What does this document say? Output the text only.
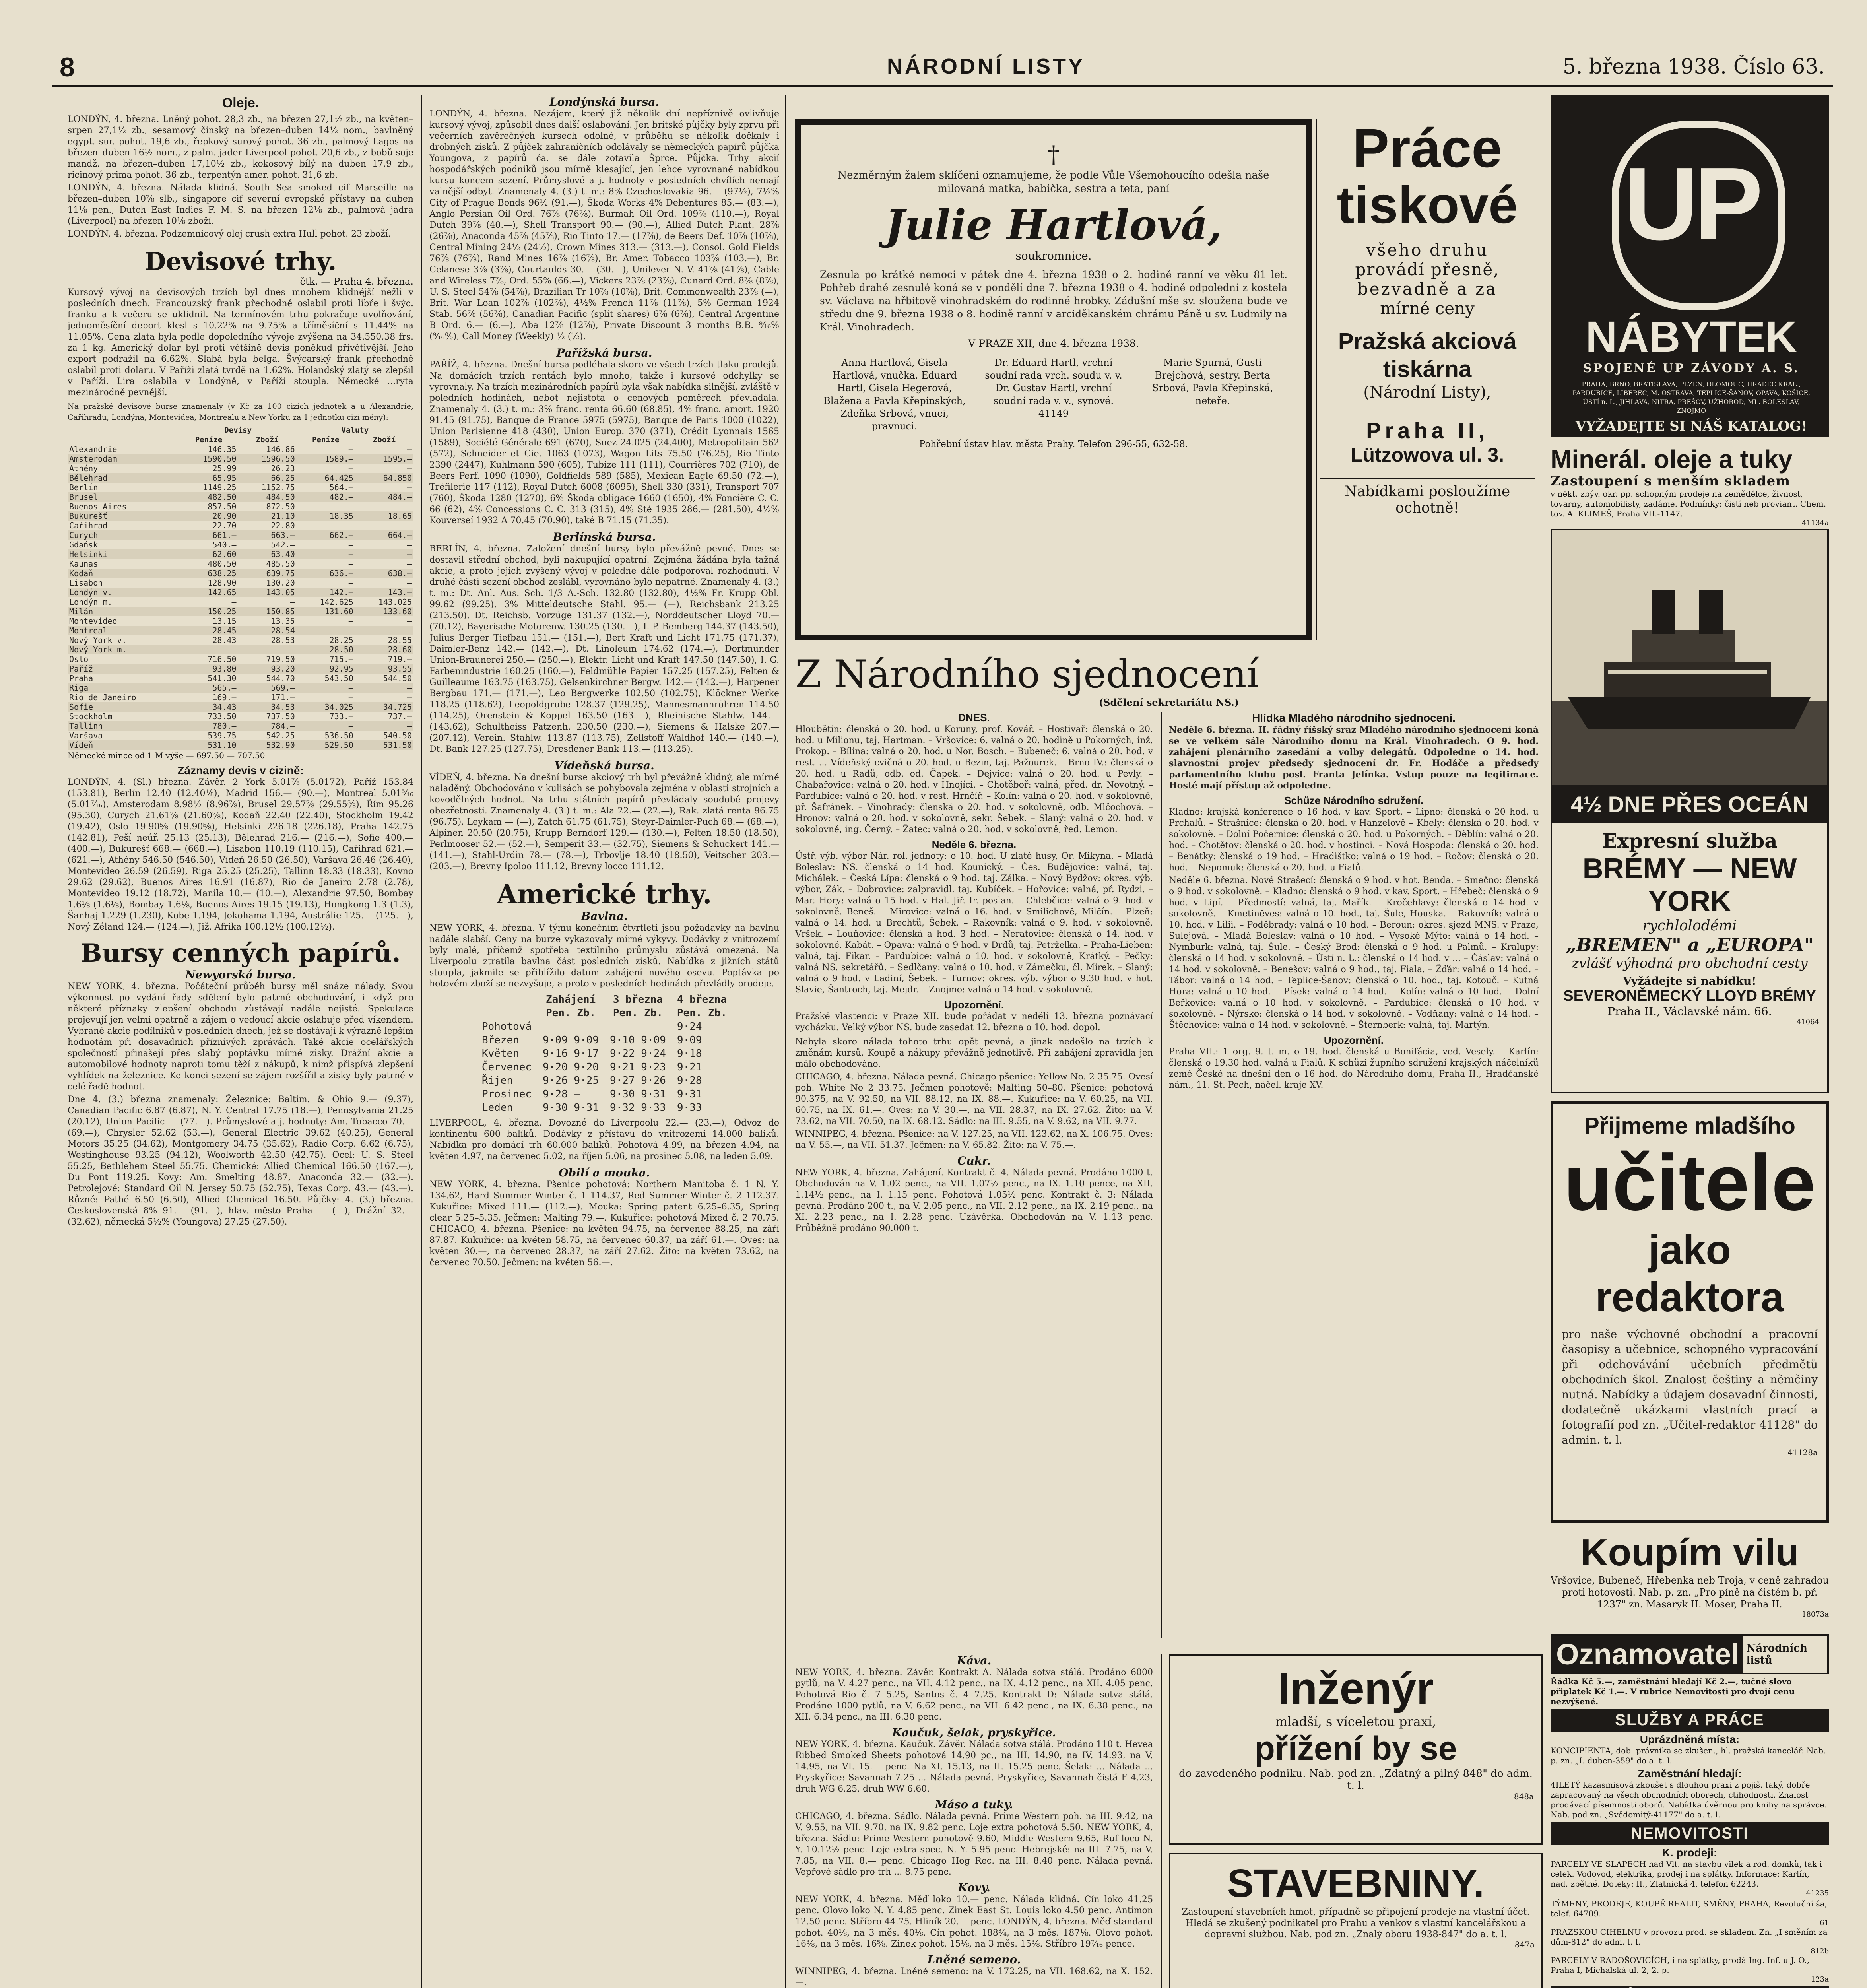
8	NÁRODNÍ LISTY	5. března 1938. Číslo 63.
Oleje.

LONDÝN, 4. března. Lněný pohot. 28,3 zb., na březen 27,1½ zb., na květen–srpen 27,1½ zb., sesamový činský na březen–duben 14½ nom., bavlněný egypt. sur. pohot. 19,6 zb., řepkový surový pohot. 36 zb., palmový Lagos na březen–duben 16½ nom., z palm. jader Liverpool pohot. 20,6 zb., z bobů soje mandž. na březen–duben 17,10½ zb., kokosový bílý na duben 17,9 zb., ricinový prima pohot. 36 zb., terpentýn amer. pohot. 31,6 zb.

LONDÝN, 4. března. Nálada klidná. South Sea smoked cif Marseille na březen–duben 10⅞ slb., singapore cif severní evropské přístavy na duben 11⅛ pen., Dutch East Indies F. M. S. na březen 12⅛ zb., palmová jádra (Liverpool) na březen 10⅛ zboží.

LONDÝN, 4. března. Podzemnicový olej crush extra Hull pohot. 23 zboží.

Devisové trhy.
čtk. — Praha 4. března.

Kursový vývoj na devisových trzích byl dnes mnohem klidnější nežli v posledních dnech. Francouzský frank přechodně oslabil proti libře i švýc. franku a k večeru se uklidnil. Na termínovém trhu pokračuje uvolňování, jednoměsíční deport klesl s 10.22% na 9.75% a tříměsíční s 11.44% na 11.05%. Cena zlata byla podle dopoledního vývoje zvýšena na 34.550,38 frs. za 1 kg. Americký dolar byl proti většině devis poněkud přívětivější. Jeho export podražil na 6.62%. Slabá byla belga. Švýcarský frank přechodně oslabil proti dolaru. V Paříži zlatá tvrdě na 1.62%. Holandský zlatý se zlepšil v Paříži. Lira oslabila v Londýně, v Paříži stoupla. Německé ...ryta mezinárodně pevnější.

Na pražské devisové burse znamenaly (v Kč za 100 cizích jednotek a u Alexandrie, Cařihradu, Londýna, Montevidea, Montrealu a New Yorku za 1 jednotku cizí měny):

	Devisy		Valuty	
	Peníze	Zboží	Peníze	Zboží
Alexandrie	146.35	146.86	—	—
Amsterodam	1590.50	1596.50	1589.—	1595.—
Athény	25.99	26.23	—	—
Bělehrad	65.95	66.25	64.425	64.850
Berlín	1149.25	1152.75	564.—	—
Brusel	482.50	484.50	482.—	484.—
Buenos Aires	857.50	872.50	—	—
Bukurešť	20.90	21.10	18.35	18.65
Cařihrad	22.70	22.80	—	—
Curych	661.—	663.—	662.—	664.—
Gdańsk	540.—	542.—	—	—
Helsinki	62.60	63.40	—	—
Kaunas	480.50	485.50	—	—
Kodaň	638.25	639.75	636.—	638.—
Lisabon	128.90	130.20	—	—
Londýn v.	142.65	143.05	142.—	143.—
Londýn m.	—	—	142.625	143.025
Milán	150.25	150.85	131.60	133.60
Montevideo	13.15	13.35	—	—
Montreal	28.45	28.54	—	—
Nový York v.	28.43	28.53	28.25	28.55
Nový York m.	—	—	28.50	28.60
Oslo	716.50	719.50	715.—	719.—
Paříž	93.80	93.20	92.95	93.55
Praha	541.30	544.70	543.50	544.50
Riga	565.—	569.—	—	—
Rio de Janeiro	169.—	171.—	—	—
Sofie	34.43	34.53	34.025	34.725
Stockholm	733.50	737.50	733.—	737.—
Tallinn	780.—	784.—	—	—
Varšava	539.75	542.25	536.50	540.50
Vídeň	531.10	532.90	529.50	531.50
Německé mince od 1 M výše — 697.50 — 707.50
Záznamy devis v cizině:

LONDÝN, 4. (Sl.) března. Závěr. 2 York 5.01⅞ (5.0172), Paříž 153.84 (153.81), Berlín 12.40 (12.40⅛), Madrid 156.— (90.—), Montreal 5.01⁵⁄₁₆ (5.01⁷⁄₁₆), Amsterodam 8.98½ (8.96⅞), Brusel 29.57⅞ (29.55⅝), Řím 95.26 (95.30), Curych 21.61⅞ (21.60⅞), Kodaň 22.40 (22.40), Stockholm 19.42 (19.42), Oslo 19.90⅝ (19.90⅝), Helsinki 226.18 (226.18), Praha 142.75 (142.81), Peší neúř. 25.13 (25.13), Bělehrad 216.— (216.—), Sofie 400.— (400.—), Bukurešť 668.— (668.—), Lisabon 110.19 (110.15), Cařihrad 621.— (621.—), Athény 546.50 (546.50), Vídeň 26.50 (26.50), Varšava 26.46 (26.40), Montevideo 26.59 (26.59), Riga 25.25 (25.25), Tallinn 18.33 (18.33), Kovno 29.62 (29.62), Buenos Aires 16.91 (16.87), Rio de Janeiro 2.78 (2.78), Montevideo 19.12 (18.72), Manila 10.— (10.—), Alexandrie 97.50, Bombay 1.6⅛ (1.6⅛), Bombay 1.6⅛, Buenos Aires 19.15 (19.13), Hongkong 1.3 (1.3), Šanhaj 1.229 (1.230), Kobe 1.194, Jokohama 1.194, Austrálie 125.— (125.—), Nový Zéland 124.— (124.—), Již. Afrika 100.12½ (100.12½).

Bursy cenných papírů.
Newyorská bursa.

NEW YORK, 4. března. Počáteční průběh bursy měl snáze nálady. Svou výkonnost po vydání řady sdělení bylo patrné obchodování, i když pro některé příznaky zlepšení obchodu zůstávají nadále nejisté. Spekulace projevují jen velmi opatrně a zájem o vedoucí akcie oslabuje před víkendem. Vybrané akcie podílníků v posledních dnech, jež se dostávají k výrazně lepším hodnotám při dosavadních příznivých zprávách. Také akcie ocelářských společností přinášejí přes slabý poptávku mírně zisky. Drážní akcie a automobilové hodnoty naproti tomu těží z nákupů, k nimž přispívá zlepšení vyhlídek na železnice. Ke konci sezení se zájem rozšířil a zisky byly patrné v celé řadě hodnot.

Dne 4. (3.) března znamenaly: Železnice: Baltim. & Ohio 9.— (9.37), Canadian Pacific 6.87 (6.87), N. Y. Central 17.75 (18.—), Pennsylvania 21.25 (20.12), Union Pacific — (77.—). Průmyslové a j. hodnoty: Am. Tobacco 70.— (69.—), Chrysler 52.62 (53.—), General Electric 39.62 (40.25), General Motors 35.25 (34.62), Montgomery 34.75 (35.62), Radio Corp. 6.62 (6.75), Westinghouse 93.25 (94.12), Woolworth 42.50 (42.75). Ocel: U. S. Steel 55.25, Bethlehem Steel 55.75. Chemické: Allied Chemical 166.50 (167.—), Du Pont 119.25. Kovy: Am. Smelting 48.87, Anaconda 32.— (32.—). Petrolejové: Standard Oil N. Jersey 50.75 (52.75), Texas Corp. 43.— (43.—). Různé: Pathé 6.50 (6.50), Allied Chemical 16.50. Půjčky: 4. (3.) března. Československá 8% 91.— (91.—), hlav. město Praha — (—), Drážní 32.— (32.62), německá 5½% (Youngova) 27.25 (27.50).

Londýnská bursa.

LONDÝN, 4. března. Nezájem, který již několik dní nepříznivě ovlivňuje kursový vývoj, způsobil dnes další oslabování. Jen britské půjčky byly zprvu při večerních závěrečných kursech odolné, v průběhu se několik dočkaly i drobných zisků. Z půjček zahraničních odolávaly se německých papírů půjčka Youngova, z papírů ča. se dále zotavila Šprce. Půjčka. Trhy akcií hospodářských podniků jsou mírně klesající, jen lehce vyrovnané nabídkou kursu koncem sezení. Průmyslové a j. hodnoty v posledních chvílích nemají valnější odbyt. Znamenaly 4. (3.) t. m.: 8% Czechoslovakia 96.— (97½), 7½% City of Prague Bonds 96½ (91.—), Škoda Works 4% Debentures 85.— (83.—), Anglo Persian Oil Ord. 76⅞ (76⅞), Burmah Oil Ord. 109⅞ (110.—), Royal Dutch 39⅞ (40.—), Shell Transport 90.— (90.—), Allied Dutch Plant. 28⅞ (26⅞), Anaconda 45⅞ (45⅞), Rio Tinto 17.— (17⅞), de Beers Def. 10⅞ (10⅞), Central Mining 24½ (24½), Crown Mines 313.— (313.—), Consol. Gold Fields 76⅞ (76⅞), Rand Mines 16⅞ (16⅞), Br. Amer. Tobacco 103⅞ (103.—), Br. Celanese 3⅞ (3⅞), Courtaulds 30.— (30.—), Unilever N. V. 41⅞ (41⅞), Cable and Wireless 7⅞, Ord. 55% (66.—), Vickers 23⅞ (23⅞), Cunard Ord. 8⅞ (8⅞), U. S. Steel 54⅞ (54⅞), Brazilian Tr 10⅞ (10⅞), Brit. Commonwealth 23⅞ (—), Brit. War Loan 102⅞ (102⅞), 4½% French 11⅞ (11⅞), 5% German 1924 Stab. 56⅞ (56⅞), Canadian Pacific (split shares) 6⅞ (6⅞), Central Argentine B Ord. 6.— (6.—), Aba 12⅞ (12⅞), Private Discount 3 months B.B. ⁹⁄₁₆% (⁹⁄₁₆%), Call Money (Weekly) ½ (½).

Pařížská bursa.

PAŘÍŽ, 4. března. Dnešní bursa podléhala skoro ve všech trzích tlaku prodejů. Na domácích trzích rentách bylo mnoho, takže i kursové odchylky se vyrovnaly. Na trzích mezinárodních papírů byla však nabídka silnější, zvláště v poledních hodinách, nebot nejistota o cenových poměrech převládala. Znamenaly 4. (3.) t. m.: 3% franc. renta 66.60 (68.85), 4% franc. amort. 1920 91.45 (91.75), Banque de France 5975 (5975), Banque de Paris 1000 (1022), Union Parisienne 418 (430), Union Europ. 370 (371), Crédit Lyonnais 1565 (1589), Société Générale 691 (670), Suez 24.025 (24.400), Metropolitain 562 (572), Schneider et Cie. 1063 (1073), Wagon Lits 75.50 (76.25), Rio Tinto 2390 (2447), Kuhlmann 590 (605), Tubize 111 (111), Courrières 702 (710), de Beers Perf. 1090 (1090), Goldfields 589 (585), Mexican Eagle 69.50 (72.—), Tréfilerie 117 (112), Royal Dutch 6008 (6095), Shell 330 (331), Transport 707 (760), Škoda 1280 (1270), 6% Škoda obligace 1660 (1650), 4% Foncière C. C. 66 (62), 4% Concessions C. C. 313 (315), 4% Sté 1935 286.— (281.50), 4½% Kouverseí 1932 A 70.45 (70.90), také B 71.15 (71.35).

Berlínská bursa.

BERLÍN, 4. března. Založení dnešní bursy bylo převážně pevné. Dnes se dostavil střední obchod, byli nakupující opatrní. Zejména žádána byla tažná akcie, a proto jejich zvýšený vývoj v poledne dále podporoval rozhodnutí. V druhé části sezení obchod zeslábl, vyrovnáno bylo nepatrné. Znamenaly 4. (3.) t. m.: Dt. Anl. Aus. Sch. 1/3 A.-Sch. 132.80 (132.80), 4½% Fr. Krupp Obl. 99.62 (99.25), 3% Mitteldeutsche Stahl. 95.— (—), Reichsbank 213.25 (213.50), Dt. Reichsb. Vorzüge 131.37 (132.—), Norddeutscher Lloyd 70.— (70.12), Bayerische Motorenw. 130.25 (130.—), I. P. Bemberg 144.37 (143.50), Julius Berger Tiefbau 151.— (151.—), Bert Kraft und Licht 171.75 (171.37), Daimler-Benz 142.— (142.—), Dt. Linoleum 174.62 (174.—), Dortmunder Union-Braunerei 250.— (250.—), Elektr. Licht und Kraft 147.50 (147.50), I. G. Farbenindustrie 160.25 (160.—), Feldmühle Papier 157.25 (157.25), Felten & Guilleaume 163.75 (163.75), Gelsenkirchner Bergw. 142.— (142.—), Harpener Bergbau 171.— (171.—), Leo Bergwerke 102.50 (102.75), Klöckner Werke 118.25 (118.62), Leopoldgrube 128.37 (129.25), Mannesmannröhren 114.50 (114.25), Orenstein & Koppel 163.50 (163.—), Rheinische Stahlw. 144.— (143.62), Schultheiss Patzenh. 230.50 (230.—), Siemens & Halske 207.— (207.12), Verein. Stahlw. 113.87 (113.75), Zellstoff Waldhof 140.— (140.—), Dt. Bank 127.25 (127.75), Dresdener Bank 113.— (113.25).

Vídeňská bursa.

VÍDEŇ, 4. března. Na dnešní burse akciový trh byl převážně klidný, ale mírně naladěný. Obchodováno v kulisách se pohybovala zejména v oblasti strojních a kovodělných hodnot. Na trhu státních papírů převládaly soudobé projevy obezřetnosti. Znamenaly 4. (3.) t. m.: Ala 22.— (22.—), Rak. zlatá renta 96.75 (96.75), Leykam — (—), Zatch 61.75 (61.75), Steyr-Daimler-Puch 68.— (68.—), Alpinen 20.50 (20.75), Krupp Berndorf 129.— (130.—), Felten 18.50 (18.50), Perlmooser 52.— (52.—), Semperit 33.— (32.75), Siemens & Schuckert 141.— (141.—), Stahl-Urdin 78.— (78.—), Trbovlje 18.40 (18.50), Veitscher 203.— (203.—), Brevny Ipoloo 111.12, Brevny locco 111.12.

Americké trhy.
Bavlna.

NEW YORK, 4. března. V týmu konečním čtvrtletí jsou požadavky na bavlnu nadále slabší. Ceny na burze vykazovaly mírné výkyvy. Dodávky z vnitrozemí byly malé, přičemž spotřeba textilního průmyslu zůstává omezená. Na Liverpoolu ztratila bavlna část posledních zisků. Nabídka z jižních států stoupla, jakmile se přiblížilo datum zahájení nového osevu. Poptávka po hotovém zboží se nezvyšuje, a proto v posledních hodinách převládly prodeje.

	Zahájení	3 března	4 března
	Pen. Zb.	Pen. Zb.	Pen. Zb.
Pohotová	—	—	9·24
Březen	9·09 9·09	9·10 9·09	9·09
Květen	9·16 9·17	9·22 9·24	9·18
Červenec	9·20 9·20	9·21 9·23	9·21
Říjen	9·26 9·25	9·27 9·26	9·28
Prosinec	9·28 —	9·30 9·31	9·31
Leden	9·30 9·31	9·32 9·33	9·33

LIVERPOOL, 4. března. Dovozné do Liverpoolu 22.— (23.—), Odvoz do kontinentu 600 balíků. Dodávky z přístavu do vnitrozemí 14.000 balíků. Nabídka pro domácí trh 60.000 balíků. Pohotová 4.99, na březen 4.94, na květen 4.97, na červenec 5.02, na říjen 5.06, na prosinec 5.08, na leden 5.09.

Obilí a mouka.

NEW YORK, 4. března. Pšenice pohotová: Northern Manitoba č. 1 N. Y. 134.62, Hard Summer Winter č. 1 114.37, Red Summer Winter č. 2 112.37. Kukuřice: Mixed 111.— (112.—). Mouka: Spring patent 6.25–6.35, Spring clear 5.25–5.35. Ječmen: Malting 79.—. Kukuřice: pohotová Mixed č. 2 70.75. CHICAGO, 4. března. Pšenice: na květen 94.75, na červenec 88.25, na září 87.87. Kukuřice: na květen 58.75, na červenec 60.37, na září 61.—. Oves: na květen 30.—, na červenec 28.37, na září 27.62. Žito: na květen 73.62, na červenec 70.50. Ječmen: na květen 56.—.

†

Nezměrným žalem sklíčeni oznamujeme, že podle Vůle Všemohoucího odešla naše milovaná matka, babička, sestra a teta, paní

Julie Hartlová,
soukromnice.

Zesnula po krátké nemoci v pátek dne 4. března 1938 o 2. hodině ranní ve věku 81 let. Pohřeb drahé zesnulé koná se v pondělí dne 7. března 1938 o 4. hodině odpolední z kostela sv. Václava na hřbitově vinohradském do rodinné hrobky. Zádušní mše sv. sloužena bude ve středu dne 9. března 1938 o 8. hodině ranní v arciděkanském chrámu Páně u sv. Ludmily na Král. Vinohradech.

V PRAZE XII, dne 4. března 1938.
Anna Hartlová, Gisela Hartlová, vnučka. Eduard Hartl, Gisela Hegerová, Blažena a Pavla Křepinských, Zdeňka Srbová, vnuci, pravnuci.
Dr. Eduard Hartl, vrchní soudní rada vrch. soudu v. v. Dr. Gustav Hartl, vrchní soudní rada v. v., synové. 41149
Marie Spurná, Gusti Brejchová, sestry. Berta Srbová, Pavla Křepinská, neteře.
Pohřební ústav hlav. města Prahy. Telefon 296-55, 632-58.
Z Národního sjednocení
(Sdělení sekretariátu NS.)
DNES.

Hloubětín: členská o 20. hod. u Koruny, prof. Kovář. – Hostivař: členská o 20. hod. u Milionu, taj. Hartman. – Vršovice: 6. valná o 20. hodině u Pokorných, inž. Prokop. – Bílina: valná o 20. hod. u Nor. Bosch. – Bubeneč: 6. valná o 20. hod. v rest. ... Vídeňský cvičná o 20. hod. u Bezin, taj. Pažourek. – Brno IV.: členská o 20. hod. u Radů, odb. od. Čapek. – Dejvice: valná o 20. hod. u Pevly. – Chabařovice: valná o 20. hod. v Hnojíci. – Chotěboř: valná, před. dr. Novotný. – Pardubice: valná o 20. hod. v rest. Hrnčíř. – Kolín: valná o 20. hod. v sokolovně, př. Šafránek. – Vinohrady: členská o 20. hod. v sokolovně, odb. Mlčochová. – Hronov: valná o 20. hod. v sokolovně, sekr. Šebek. – Slaný: valná o 20. hod. v sokolovně, ing. Černý. – Žatec: valná o 20. hod. v sokolovně, řed. Lemon.

Neděle 6. března.

Ústř. výb. výbor Nár. rol. jednoty: o 10. hod. U zlaté husy, Or. Mikyna. – Mladá Boleslav: NS. členská o 14 hod. Kounický. – Čes. Budějovice: valná, taj. Michálek. – Česká Lípa: členská o 9 hod. taj. Zálka. – Nový Bydžov: okres. výb. výbor, Zák. – Dobrovice: zalpravidl. taj. Kubíček. – Hořovice: valná, př. Rydzi. – Mar. Hory: valná o 15 hod. v Hal. Jiř. Ir. poslan. – Chlebčice: valná o 9. hod. v sokolovně. Beneš. – Mirovice: valná o 16. hod. v Smilichově, Milčín. – Plzeň: valná o 14. hod. u Brechtů, Šebek. – Rakovník: valná o 9. hod. v sokolovně, Vršek. – Louňovice: členská a hod. 3 hod. – Neratovice: členská o 14. hod. v sokolovně. Kabát. – Opava: valná o 9 hod. v Drdů, taj. Petrželka. – Praha-Lieben: valná, taj. Fikar. – Pardubice: valná o 10. hod. v sokolovně, Krátký. – Pečky: valná NS. sekretářů. – Sedlčany: valná o 10. hod. v Zámečku, čl. Mirek. – Slaný: valná o 9 hod. v Ladiní, Šebek. – Turnov: okres. výb. výbor o 9.30 hod. v hot. Slavie, Šantroch, taj. Mejdr. – Znojmo: valná o 14 hod. v sokolovně.

Upozornění.

Pražské vlastenci: v Praze XII. bude pořádat v neděli 13. března poznávací vycházku. Velký výbor NS. bude zasedat 12. března o 10. hod. dopol.

Nebyla skoro nálada tohoto trhu opět pevná, a jinak nedošlo na trzích k změnám kursů. Koupě a nákupy převážně jednotlivě. Při zahájení zpravidla jen málo obchodováno.

CHICAGO, 4. března. Nálada pevná. Chicago pšenice: Yellow No. 2 35.75. Ovesí poh. White No 2 33.75. Ječmen pohotově: Malting 50–80. Pšenice: pohotová 90.375, na V. 92.50, na VII. 88.12, na IX. 88.—. Kukuřice: na V. 60.25, na VII. 60.75, na IX. 61.—. Oves: na V. 30.—, na VII. 28.37, na IX. 27.62. Žito: na V. 73.62, na VII. 70.50, na IX. 68.12. Sádlo: na III. 9.55, na V. 9.62, na VII. 9.77.

WINNIPEG, 4. března. Pšenice: na V. 127.25, na VII. 123.62, na X. 106.75. Oves: na V. 55.—, na VII. 51.37. Ječmen: na V. 65.82. Žito: na V. 75.—.

Cukr.

NEW YORK, 4. března. Zahájení. Kontrakt č. 4. Nálada pevná. Prodáno 1000 t. Obchodován na V. 1.02 penc., na VII. 1.07½ penc., na IX. 1.10 pence, na XII. 1.14½ penc., na I. 1.15 penc. Pohotová 1.05½ penc. Kontrakt č. 3: Nálada pevná. Prodáno 200 t., na V. 2.05 penc., na VII. 2.12 penc., na IX. 2.19 penc., na XI. 2.23 penc., na I. 2.28 penc. Uzávěrka. Obchodován na V. 1.13 penc. Průběžně prodáno 90.000 t.

Hlídka Mladého národního sjednocení.

Neděle 6. března. II. řádný říšský sraz Mladého národního sjednocení koná se ve velkém sále Národního domu na Král. Vinohradech. O 9. hod. zahájení plenárního zasedání a volby delegátů. Odpoledne o 14. hod. slavnostní projev předsedy sjednocení dr. Fr. Hodáče a předsedy parlamentního klubu posl. Franta Jelínka. Vstup pouze na legitimace. Hosté mají přístup až odpoledne.

Schůze Národního sdružení.

Kladno: krajská konference o 16 hod. v kav. Sport. – Lipno: členská o 20 hod. u Prchalů. – Strašnice: členská o 20. hod. v Hanzelově – Kbely: členská o 20. hod. v sokolovně. – Dolní Počernice: členská o 20. hod. u Pokorných. – Děblín: valná o 20. hod. – Chotětov: členská o 20. hod. v hostinci. – Nová Hospoda: členská o 20. hod. – Benátky: členská o 19 hod. – Hradištko: valná o 19 hod. – Ročov: členská o 20. hod. – Nepomuk: členská o 20. hod. u Fialů.

Neděle 6. března. Nové Strašecí: členská o 9 hod. v hot. Benda. – Smečno: členská o 9 hod. v sokolovně. – Kladno: členská o 9 hod. v kav. Sport. – Hřebeč: členská o 9 hod. v Lipí. – Předmostí: valná, taj. Mařík. – Kročehlavy: členská o 14 hod. v sokolovně. – Kmetiněves: valná o 10. hod., taj. Šule, Houska. – Rakovník: valná o 10. hod. v Lilii. – Poděbrady: valná o 10 hod. – Beroun: okres. sjezd MNS. v Praze, Sulejová. – Mladá Boleslav: valná o 10 hod. – Vysoké Mýto: valná o 14 hod. – Nymburk: valná, taj. Šule. – Český Brod: členská o 9 hod. u Palmů. – Kralupy: členská o 14 hod. v sokolovně. – Ústí n. L.: členská o 14 hod. v ... – Čáslav: valná o 14 hod. v sokolovně. – Benešov: valná o 9 hod., taj. Fiala. – Žďár: valná o 14 hod. – Tábor: valná o 14 hod. – Teplice-Šanov: členská o 10. hod., taj. Kotouč. – Kutná Hora: valná o 10 hod. – Písek: valná o 14 hod. – Kolín: valná o 10 hod. – Dolní Beřkovice: valná o 10 hod. v sokolovně. – Pardubice: členská o 10 hod. v sokolovně. – Nýrsko: členská o 14 hod. v sokolovně. – Vodňany: valná o 14 hod. – Štěchovice: valná o 14 hod. v sokolovně. – Šternberk: valná, taj. Martýn.

Upozornění.

Praha VII.: 1 org. 9. t. m. o 19. hod. členská u Bonifácia, ved. Vesely. – Karlín: členská o 19.30 hod. valná u Fialů. K schůzi župního sdružení krajských náčelníků země České na dnešní den o 16 hod. do Národního domu, Praha II., Hradčanské nám., 11. St. Pech, náčel. kraje XV.

Káva.

NEW YORK, 4. března. Závěr. Kontrakt A. Nálada sotva stálá. Prodáno 6000 pytlů, na V. 4.27 penc., na VII. 4.12 penc., na IX. 4.12 penc., na XII. 4.05 penc. Pohotová Rio č. 7 5.25, Santos č. 4 7.25. Kontrakt D: Nálada sotva stálá. Prodáno 1000 pytlů, na V. 6.62 penc., na VII. 6.42 penc., na IX. 6.38 penc., na XII. 6.34 penc., na III. 6.30 penc.

Kaučuk, šelak, pryskyřice.

NEW YORK, 4. března. Kaučuk. Závěr. Nálada sotva stálá. Prodáno 110 t. Hevea Ribbed Smoked Sheets pohotová 14.90 pc., na III. 14.90, na IV. 14.93, na V. 14.95, na VI. 15.— penc. Na XI. 15.13, na II. 15.25 penc. Šelak: ... Nálada ... Pryskyřice: Savannah 7.25 ... Nálada pevná. Pryskyřice, Savannah čistá F 4.23, druh WG 6.25, druh WW 6.60.

Máso a tuky.

CHICAGO, 4. března. Sádlo. Nálada pevná. Prime Western poh. na III. 9.42, na V. 9.55, na VII. 9.70, na IX. 9.82 penc. Loje extra pohotová 5.50. NEW YORK, 4. března. Sádlo: Prime Western pohotově 9.60, Middle Western 9.65, Ruf loco N. Y. 10.12½ penc. Loje extra spec. N. Y. 5.95 penc. Hebrejské: na III. 7.75, na V. 7.85, na VII. 8.— penc. Chicago Hog Rec. na III. 8.40 penc. Nálada pevná. Vepřové sádlo pro trh ... 8.75 penc.

Kovy.

NEW YORK, 4. března. Měď loko 10.— penc. Nálada klidná. Cín loko 41.25 penc. Olovo loko N. Y. 4.85 penc. Zinek East St. Louis loko 4.50 penc. Antimon 12.50 penc. Stříbro 44.75. Hliník 20.— penc. LONDÝN, 4. března. Měď standard pohot. 40⅛, na 3 měs. 40⅛. Cín pohot. 188¾, na 3 měs. 187⅛. Olovo pohot. 16⅜, na 3 měs. 16⅝. Zinek pohot. 15⅛, na 3 měs. 15⅜. Stříbro 19⁷⁄₁₆ pence.

Lněné semeno.

WINNIPEG, 4. března. Lněné semeno: na V. 172.25, na VII. 168.62, na X. 152.—.

Inženýr
mladší, s víceletou praxí,
přížení by se
do zavedeného podniku. Nab. pod zn. „Zdatný a pilný-848" do adm. t. l.
848a
STAVEBNINY.

Zastoupení stavebních hmot, případně se připojení prodeje na vlastní účet. Hledá se zkušený podnikatel pro Prahu a venkov s vlastní kancelářskou a dopravní službou. Nab. pod zn. „Znalý oboru 1938-847" do a. t. l.

847a

Práce
tiskové
všeho druhu
provádí přesně,
bezvadně a za
mírné ceny
Pražská akciová tiskárna
(Národní Listy),
Praha II,
Lützowova ul. 3.
Nabídkami posloužíme ochotně!
UP
NÁBYTEK
SPOJENÉ UP ZÁVODY A. S.
PRAHA, BRNO, BRATISLAVA, PLZEŇ, OLOMOUC, HRADEC KRÁL., PARDUBICE, LIBEREC, M. OSTRAVA, TEPLICE-ŠANOV, OPAVA, KOŠICE, ÚSTÍ n. L., JIHLAVA, NITRA, PREŠOV, UŽHOROD, ML. BOLESLAV, ZNOJMO
VYŽADEJTE SI NÁŠ KATALOG!
Minerál. oleje a tuky
Zastoupení s menším skladem
v někt. zbýv. okr. pp. schopným prodeje na zemědělce, živnost, tovarny, automobilisty, zadáme. Podmínky: čistí neb proviant. Chem. tov. A. KLIMEŠ, Praha VII.-1147.
41134a
4½ DNE PŘES OCEÁN
Expresní služba
BRÉMY — NEW YORK
rychlolodémi
„BREMEN" a „EUROPA"
zvlášť výhodná pro obchodní cesty
Vyžádejte si nabídku!
SEVERONĚMECKÝ LLOYD BRÉMY
Praha II., Václavské nám. 66.
41064
Přijmeme mladšího
učitele
jako redaktora

pro naše výchovné obchodní a pracovní časopisy a učebnice, schopného vypracování při odchovávání učebních předmětů obchodních škol. Znalost češtiny a němčiny nutná. Nabídky a údajem dosavadní činnosti, dodatečně ukázkami vlastních prací a fotografií pod zn. „Učitel-redaktor 41128" do admin. t. l.

41128a
Koupím vilu
Vršovice, Bubeneč, Hřebenka neb Troja, v ceně zahradou proti hotovosti. Nab. p. zn. „Pro píně na čistém b. př. 1237" zn. Masaryk II. Moser, Praha II.
18073a
Oznamovatel Národních listů
Řádka Kč 5.—, zaměstnání hledají Kč 2.—, tučné slovo připlatek Kč 1.—. V rubrice Nemovitosti pro dvojí cenu nezvýšené.
SLUŽBY A PRÁCE
Uprázdněná místa:
KONCIPIENTA, dob. právníka se zkušen., hl. pražská kancelář. Nab. p. zn. „I. duben-359" do a. t. l.
Zaměstnání hledají:
4ILETÝ kazasmisová zkoušet s dlouhou praxi z pojiš. taký, dobře zapracovaný na všech obchodních oborech, ctihodnosti. Znalost prodávací písemnosti oborů. Nabídka úvěrnou pro knihy na správce. Nab. pod zn. „Svědomitý-41177" do a. t. l.
NEMOVITOSTI
K. prodeji:
PARCELY VE SLAPECH nad Vlt. na stavbu vilek a rod. domků, tak i celek. Vodovod, elektrika, prodej i na splátky. Informace: Karlín, nad. zpětné. Doteky: II., Zlatnická 4, telefon 62243.
41235
TÝMENY, PRODEJE, KOUPĚ REALIT, SMĚNY, PRAHA, Revoluční ša, telef. 64709.
61
PRAZSKOU CIHELNU v provozu prod. se skladem. Zn. „I směním za dům-812" do adm. t. l.
812b
PARCELY V RADOŠOVICÍCH, i na splátky, prodá Ing. Inf. u J. O., Praha I, Michalská ul. 2, 2. p.
123a
